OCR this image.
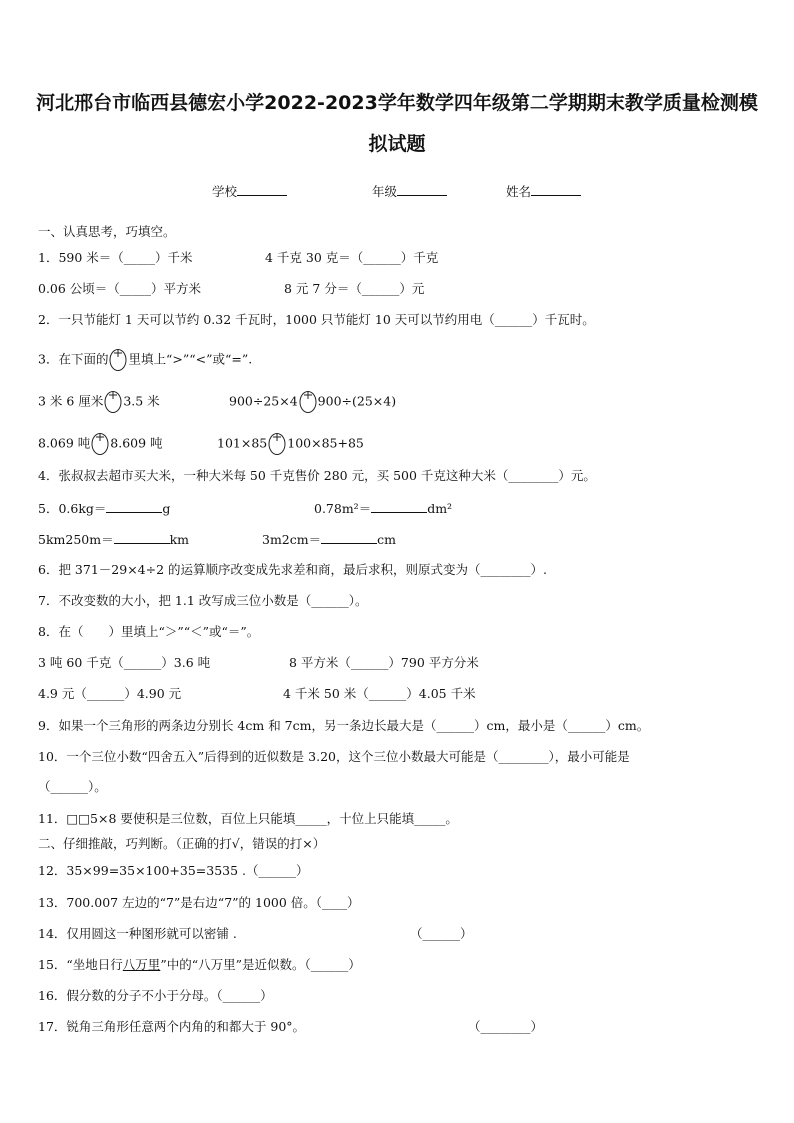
河北邢台市临西县德宏小学2022-2023学年数学四年级第二学期期末教学质量检测模
拟试题
学校	年级	姓名
一、认真思考，巧填空。
1．590 米＝（_____）千米	4 千克 30 克＝（______）千克
0.06 公顷＝（_____）平方米	8 元 7 分＝（______）元
2．一只节能灯 1 天可以节约 0.32 千瓦时，1000 只节能灯 10 天可以节约用电（______）千瓦时。
3．在下面的 里填上“>”“<”或“=”.
3 米 6 厘米 3.5 米	900÷25×4 900÷(25×4)
8.069 吨 8.609 吨	101×85 100×85+85
4．张叔叔去超市买大米，一种大米每 50 千克售价 280 元，买 500 千克这种大米（________）元。
5．0.6kg＝	g	0.78m²＝	dm²
5km250m＝	km	3m2cm＝	cm
6．把 371－29×4÷2 的运算顺序改变成先求差和商，最后求积，则原式变为（________）.
7．不改变数的大小，把 1.1 改写成三位小数是（______）。
8．在（　　）里填上“＞”“＜”或“＝”。
3 吨 60 千克（______）3.6 吨	8 平方米（______）790 平方分米
4.9 元（______）4.90 元	4 千米 50 米（______）4.05 千米
9．如果一个三角形的两条边分别长 4cm 和 7cm，另一条边长最大是（______）cm，最小是（______）cm。
10．一个三位小数“四舍五入”后得到的近似数是 3.20，这个三位小数最大可能是（________），最小可能是
（______）。
11．□□5×8 要使积是三位数，百位上只能填_____，十位上只能填_____。
二、仔细推敲，巧判断。（正确的打√，错误的打×）
12．35×99=35×100+35=3535 .（______）
13．700.007 左边的“7”是右边“7”的 1000 倍。（____）
14．仅用圆这一种图形就可以密铺 .	（______）
15．“坐地日行八万里”中的“八万里”是近似数。（______）
16．假分数的分子不小于分母。（______）
17．锐角三角形任意两个内角的和都大于 90°。	（________）
